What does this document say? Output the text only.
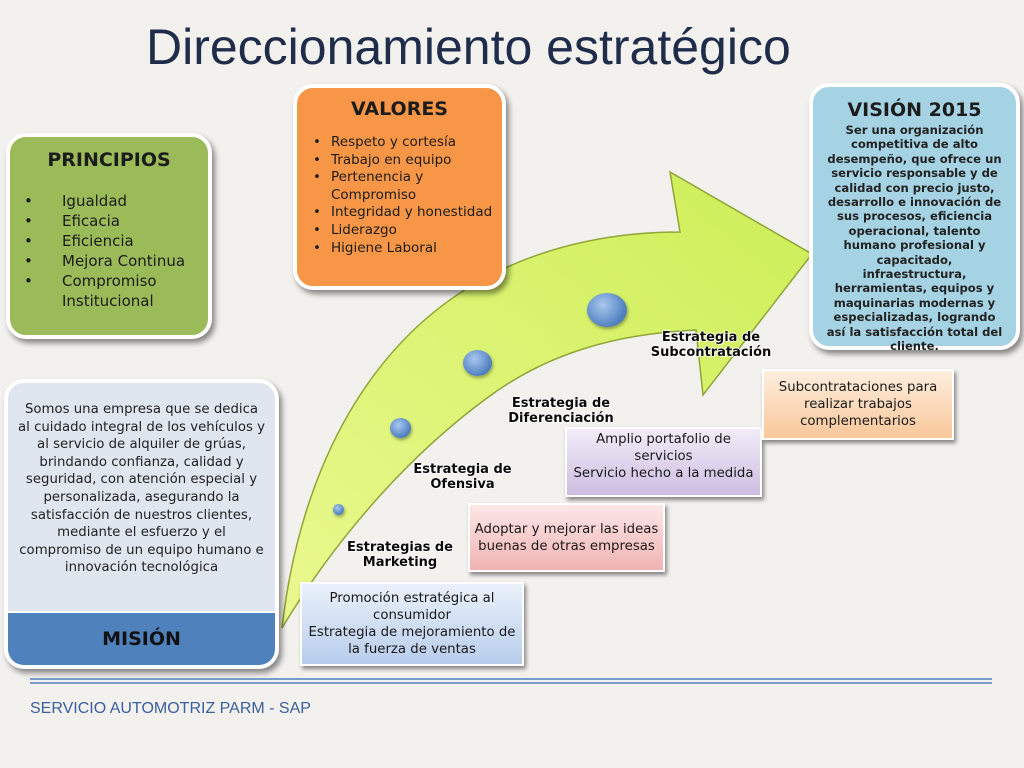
Direccionamiento estratégico
PRINCIPIOS
• Igualdad
• Eficacia
• Eficiencia
• Mejora Continua
• Compromiso Institucional
VALORES
• Respeto y cortesía
• Trabajo en equipo
• Pertenencia y Compromiso
• Integridad y honestidad
• Liderazgo
• Higiene Laboral
VISIÓN 2015

Ser una organización competitiva de alto desempeño, que ofrece un servicio responsable y de calidad con precio justo, desarrollo e innovación de sus procesos, eficiencia operacional, talento humano profesional y capacitado, infraestructura, herramientas, equipos y maquinarias modernas y especializadas, logrando así la satisfacción total del cliente.

Somos una empresa que se dedica al cuidado integral de los vehículos y al servicio de alquiler de grúas, brindando confianza, calidad y seguridad, con atención especial y personalizada, asegurando la satisfacción de nuestros clientes, mediante el esfuerzo y el compromiso de un equipo humano e innovación tecnológica

MISIÓN
Estrategias de Marketing
Estrategia de Ofensiva
Estrategia de Diferenciación
Estrategia de Subcontratación
Promoción estratégica al consumidor
Estrategia de mejoramiento de la fuerza de ventas
Adoptar y mejorar las ideas buenas de otras empresas
Amplio portafolio de servicios
Servicio hecho a la medida
Subcontrataciones para realizar trabajos complementarios
SERVICIO AUTOMOTRIZ PARM - SAP
